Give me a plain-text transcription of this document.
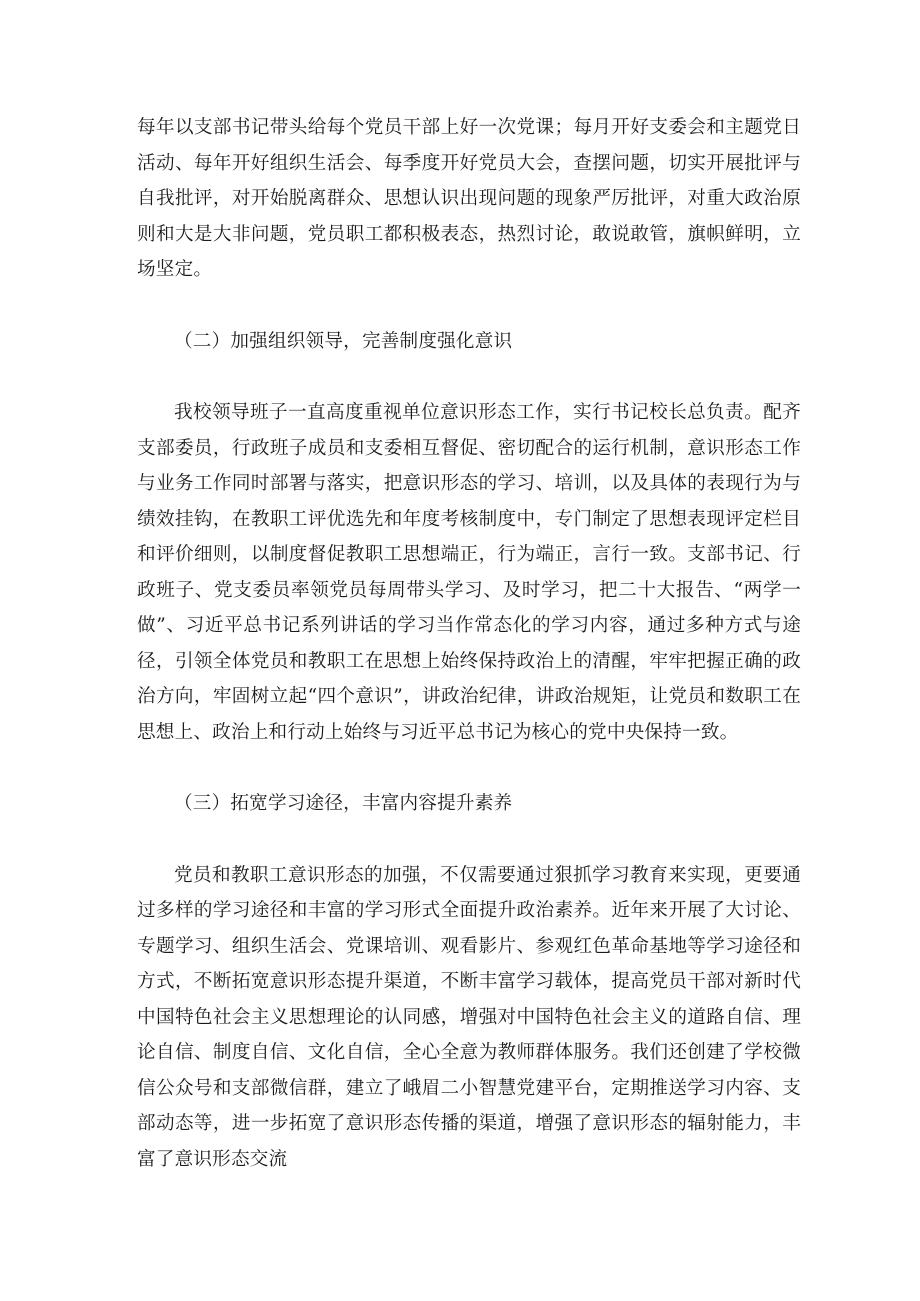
每年以支部书记带头给每个党员干部上好一次党课；每月开好支委会和主题党日活动、每年开好组织生活会、每季度开好党员大会，查摆问题，切实开展批评与自我批评，对开始脱离群众、思想认识出现问题的现象严厉批评，对重大政治原则和大是大非问题，党员职工都积极表态，热烈讨论，敢说敢管，旗帜鲜明，立场坚定。

（二）加强组织领导，完善制度强化意识

我校领导班子一直高度重视单位意识形态工作，实行书记校长总负责。配齐支部委员，行政班子成员和支委相互督促、密切配合的运行机制，意识形态工作与业务工作同时部署与落实，把意识形态的学习、培训，以及具体的表现行为与绩效挂钩，在教职工评优选先和年度考核制度中，专门制定了思想表现评定栏目和评价细则，以制度督促教职工思想端正，行为端正，言行一致。支部书记、行政班子、党支委员率领党员每周带头学习、及时学习，把二十大报告、“两学一做”、习近平总书记系列讲话的学习当作常态化的学习内容，通过多种方式与途径，引领全体党员和教职工在思想上始终保持政治上的清醒，牢牢把握正确的政治方向，牢固树立起“四个意识”，讲政治纪律，讲政治规矩，让党员和数职工在思想上、政治上和行动上始终与习近平总书记为核心的党中央保持一致。

（三）拓宽学习途径，丰富内容提升素养

党员和教职工意识形态的加强，不仅需要通过狠抓学习教育来实现，更要通过多样的学习途径和丰富的学习形式全面提升政治素养。近年来开展了大讨论、专题学习、组织生活会、党课培训、观看影片、参观红色革命基地等学习途径和方式，不断拓宽意识形态提升渠道，不断丰富学习载体，提高党员干部对新时代中国特色社会主义思想理论的认同感，增强对中国特色社会主义的道路自信、理论自信、制度自信、文化自信，全心全意为教师群体服务。我们还创建了学校微信公众号和支部微信群，建立了峨眉二小智慧党建平台，定期推送学习内容、支部动态等，进一步拓宽了意识形态传播的渠道，增强了意识形态的辐射能力，丰富了意识形态交流
